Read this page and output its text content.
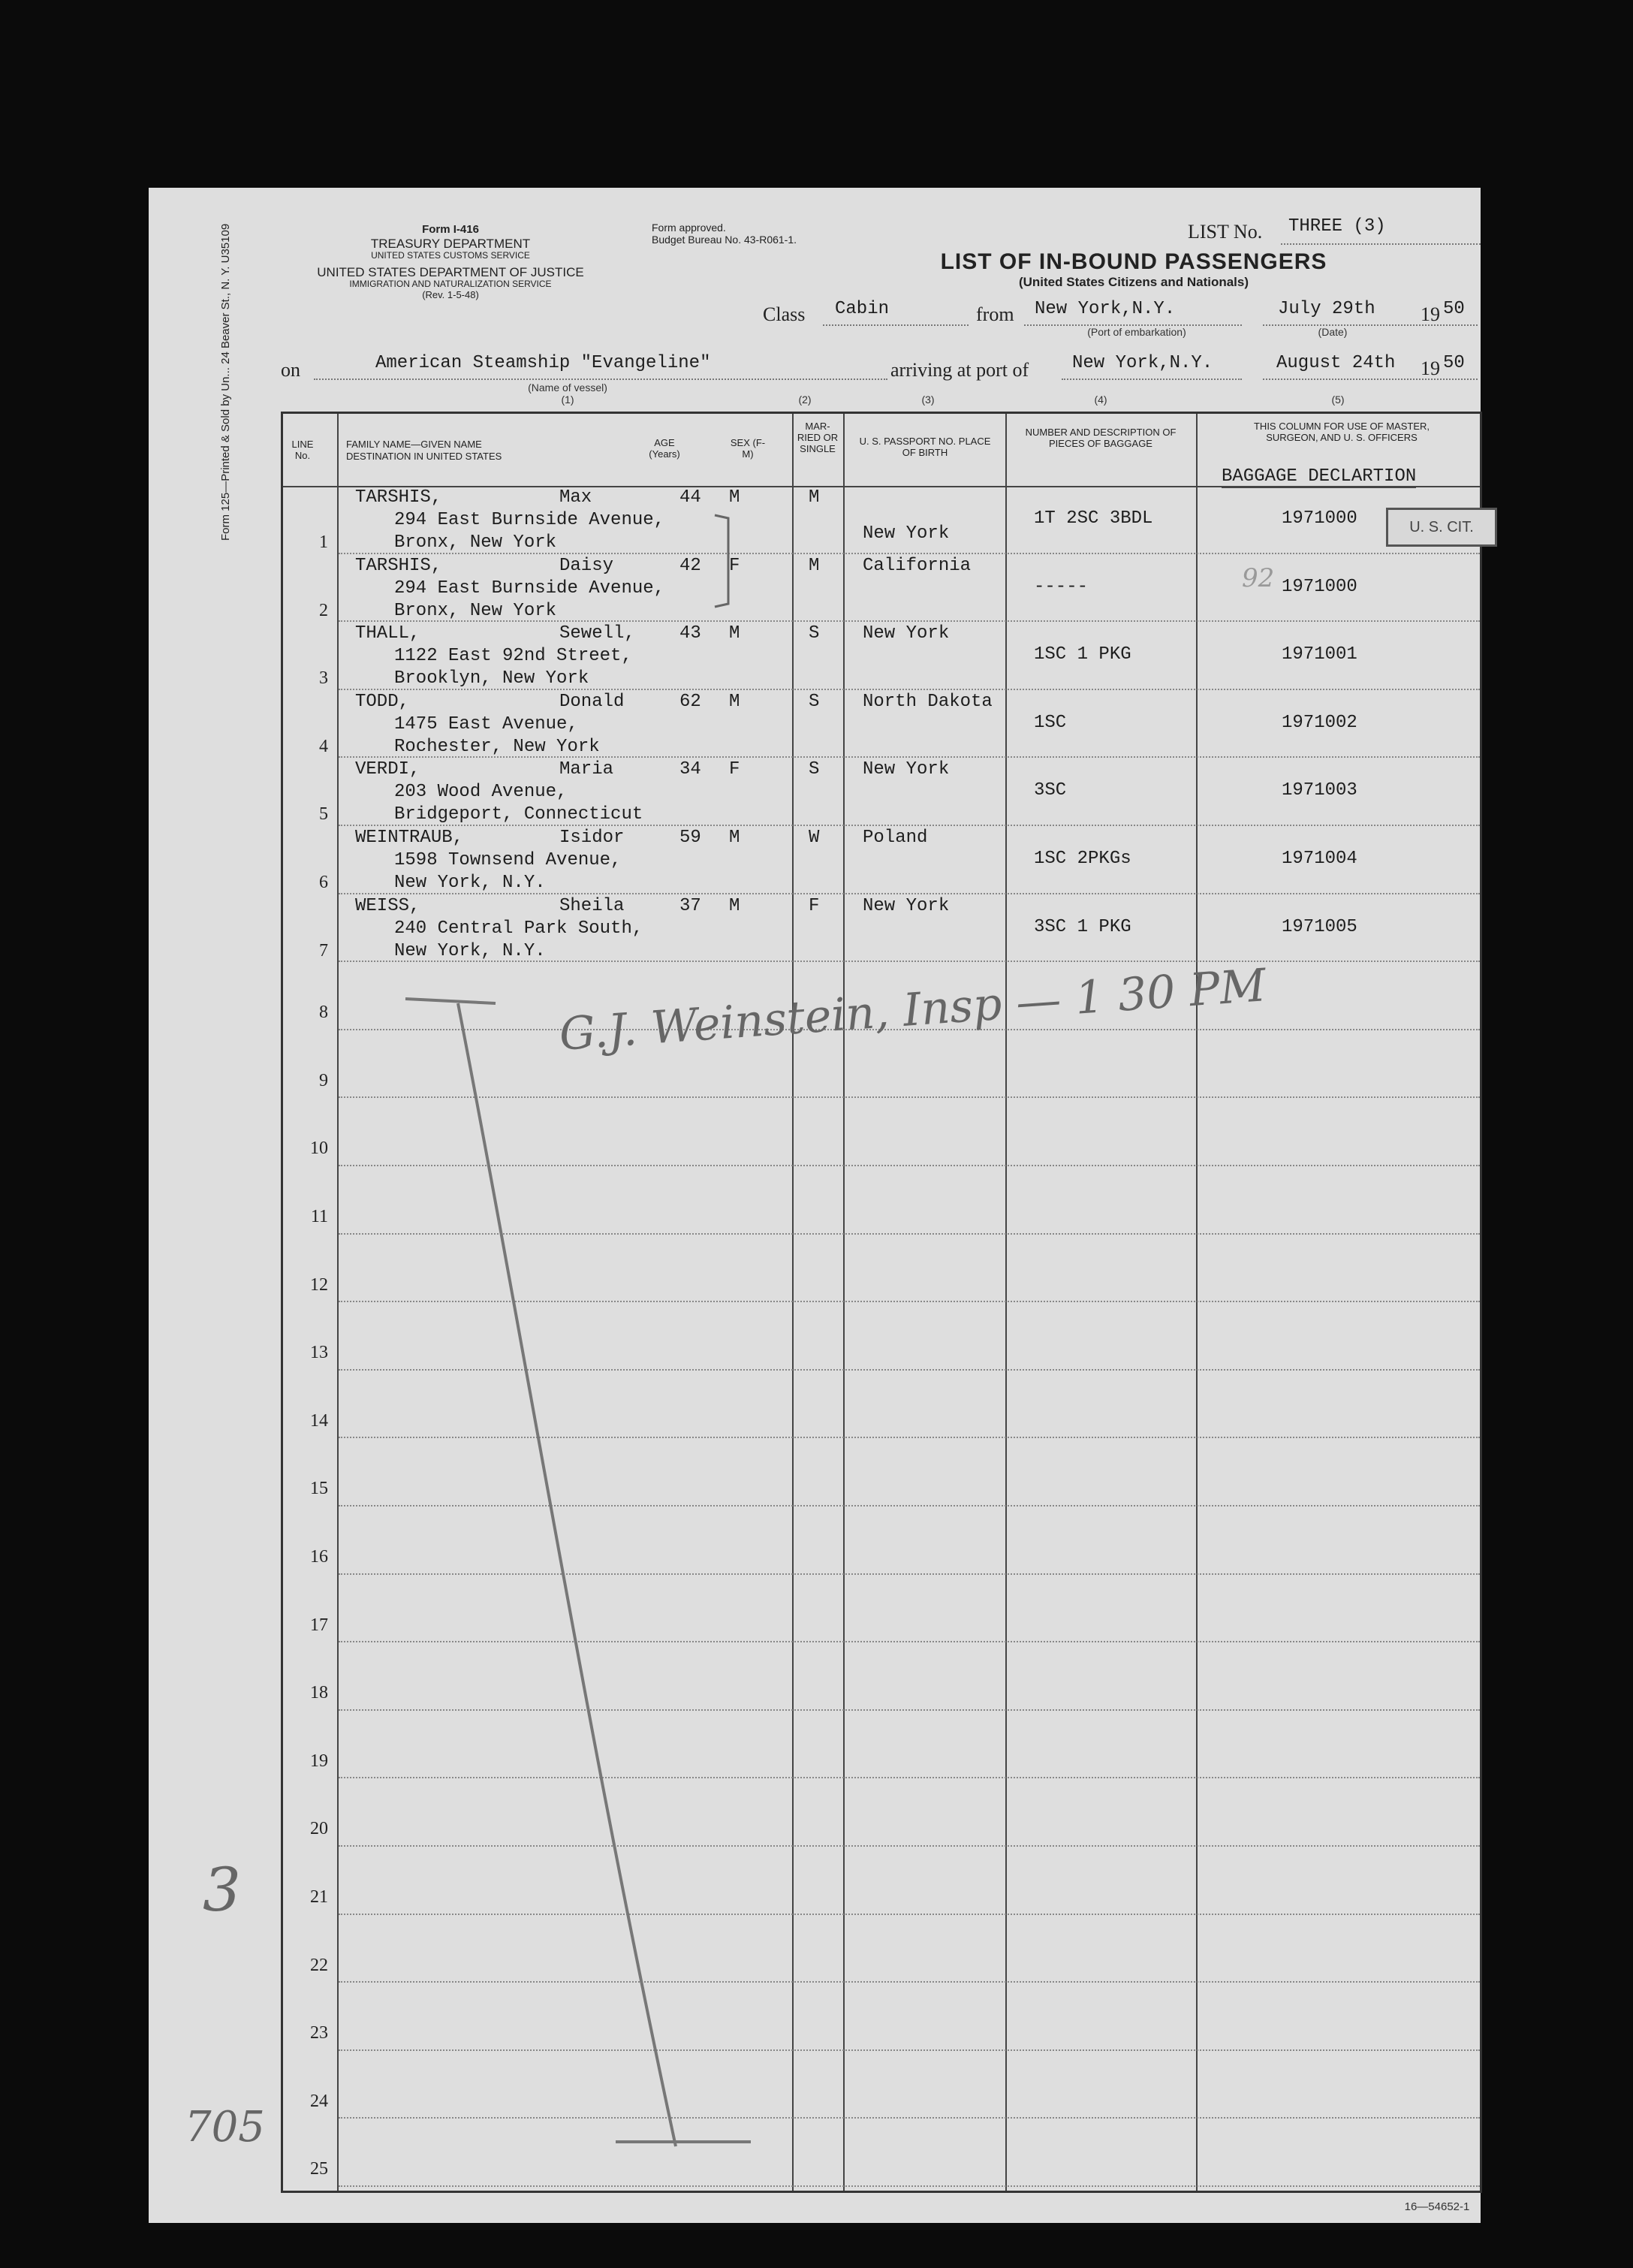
Form 125—Printed & Sold by Un... 24 Beaver St., N. Y. U35109	Form I-416
TREASURY DEPARTMENT
UNITED STATES CUSTOMS SERVICE
UNITED STATES DEPARTMENT OF JUSTICE
IMMIGRATION AND NATURALIZATION SERVICE
(Rev. 1-5-48)
Form approved.
Budget Bureau No. 43-R061-1.	LIST No. THREE (3)
LIST OF IN-BOUND PASSENGERS
(United States Citizens and Nationals)
Class Cabin	from New York,N.Y.
(Port of embarkation)
July 29th 19 50
(Date)
on	American Steamship "Evangeline"
(Name of vessel)
(1)
arriving at port of New York,N.Y.	August 24th 19 50
(2)	(3)	(4)	(5)
LINE No.
FAMILY NAME—GIVEN NAME
DESTINATION IN UNITED STATES
AGE (Years)
SEX (F-M)
MAR- RIED OR SINGLE
U. S. PASSPORT NO. PLACE OF BIRTH
NUMBER AND DESCRIPTION OF PIECES OF BAGGAGE
THIS COLUMN FOR USE OF MASTER, SURGEON, AND U. S. OFFICERS
BAGGAGE DECLARTION
1
TARSHIS,	Max	44 M	M
294 East Burnside Avenue,
Bronx, New York	New York
1T 2SC 3BDL	1971000
2
TARSHIS,	Daisy	42 F	M
294 East Burnside Avenue,
Bronx, New York
California
-----	1971000
3
THALL,	Sewell, 43 M	S
1122 East 92nd Street,
Brooklyn, New York
New York
1SC 1 PKG	1971001
4
TODD,	Donald	62 M	S
1475 East Avenue,
Rochester, New York
North Dakota
1SC	1971002
5
VERDI,	Maria	34 F	S
203 Wood Avenue,
Bridgeport, Connecticut
New York
3SC	1971003
6
WEINTRAUB,	Isidor	59 M	W
1598 Townsend Avenue,
New York, N.Y.
Poland
1SC 2PKGs	1971004
7
WEISS,	Sheila	37 M	F
240 Central Park South,
New York, N.Y.
New York
3SC 1 PKG	1971005
8
9
10
11
12
13
14
15
16
17
18
19
20
21
22
23
24
25
U. S. CIT.
G.J. Weinstein, Insp — 1 30 PM
3
705
92
16—54652-1
